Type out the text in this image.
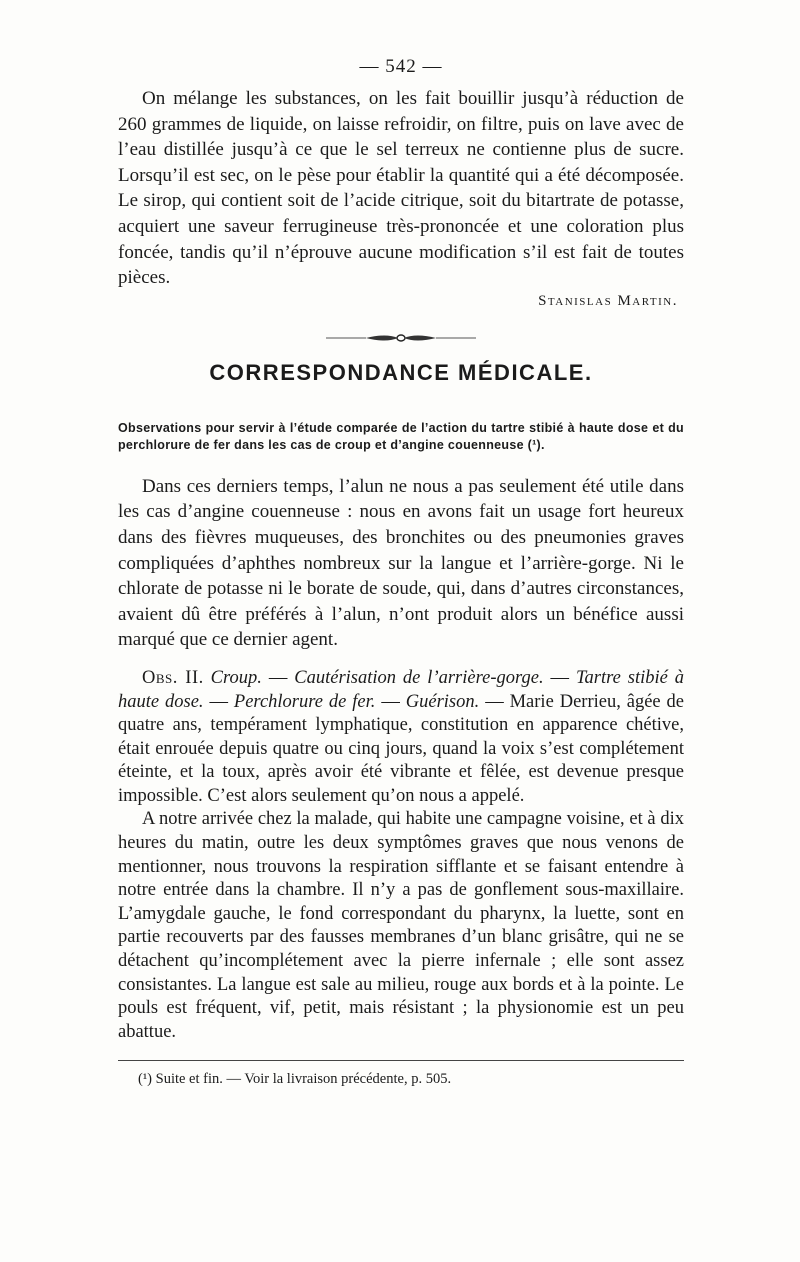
— 542 —

On mélange les substances, on les fait bouillir jusqu’à réduction de 260 grammes de liquide, on laisse refroidir, on filtre, puis on lave avec de l’eau distillée jusqu’à ce que le sel terreux ne contienne plus de sucre. Lorsqu’il est sec, on le pèse pour établir la quantité qui a été décomposée. Le sirop, qui contient soit de l’acide citrique, soit du bitartrate de potasse, acquiert une saveur ferrugineuse très-prononcée et une coloration plus foncée, tandis qu’il n’éprouve aucune modification s’il est fait de toutes pièces.

Stanislas Martin.
CORRESPONDANCE MÉDICALE.

Observations pour servir à l’étude comparée de l’action du tartre stibié à haute dose et du perchlorure de fer dans les cas de croup et d’angine couenneuse (¹).

Dans ces derniers temps, l’alun ne nous a pas seulement été utile dans les cas d’angine couenneuse : nous en avons fait un usage fort heureux dans des fièvres muqueuses, des bronchites ou des pneumonies graves compliquées d’aphthes nombreux sur la langue et l’arrière-gorge. Ni le chlorate de potasse ni le borate de soude, qui, dans d’autres circonstances, avaient dû être préférés à l’alun, n’ont produit alors un bénéfice aussi marqué que ce dernier agent.

Obs. II. Croup. — Cautérisation de l’arrière-gorge. — Tartre stibié à haute dose. — Perchlorure de fer. — Guérison. — Marie Derrieu, âgée de quatre ans, tempérament lymphatique, constitution en apparence chétive, était enrouée depuis quatre ou cinq jours, quand la voix s’est complétement éteinte, et la toux, après avoir été vibrante et fêlée, est devenue presque impossible. C’est alors seulement qu’on nous a appelé.

A notre arrivée chez la malade, qui habite une campagne voisine, et à dix heures du matin, outre les deux symptômes graves que nous venons de mentionner, nous trouvons la respiration sifflante et se faisant entendre à notre entrée dans la chambre. Il n’y a pas de gonflement sous-maxillaire. L’amygdale gauche, le fond correspondant du pharynx, la luette, sont en partie recouverts par des fausses membranes d’un blanc grisâtre, qui ne se détachent qu’incomplétement avec la pierre infernale ; elle sont assez consistantes. La langue est sale au milieu, rouge aux bords et à la pointe. Le pouls est fréquent, vif, petit, mais résistant ; la physionomie est un peu abattue.

(¹) Suite et fin. — Voir la livraison précédente, p. 505.
